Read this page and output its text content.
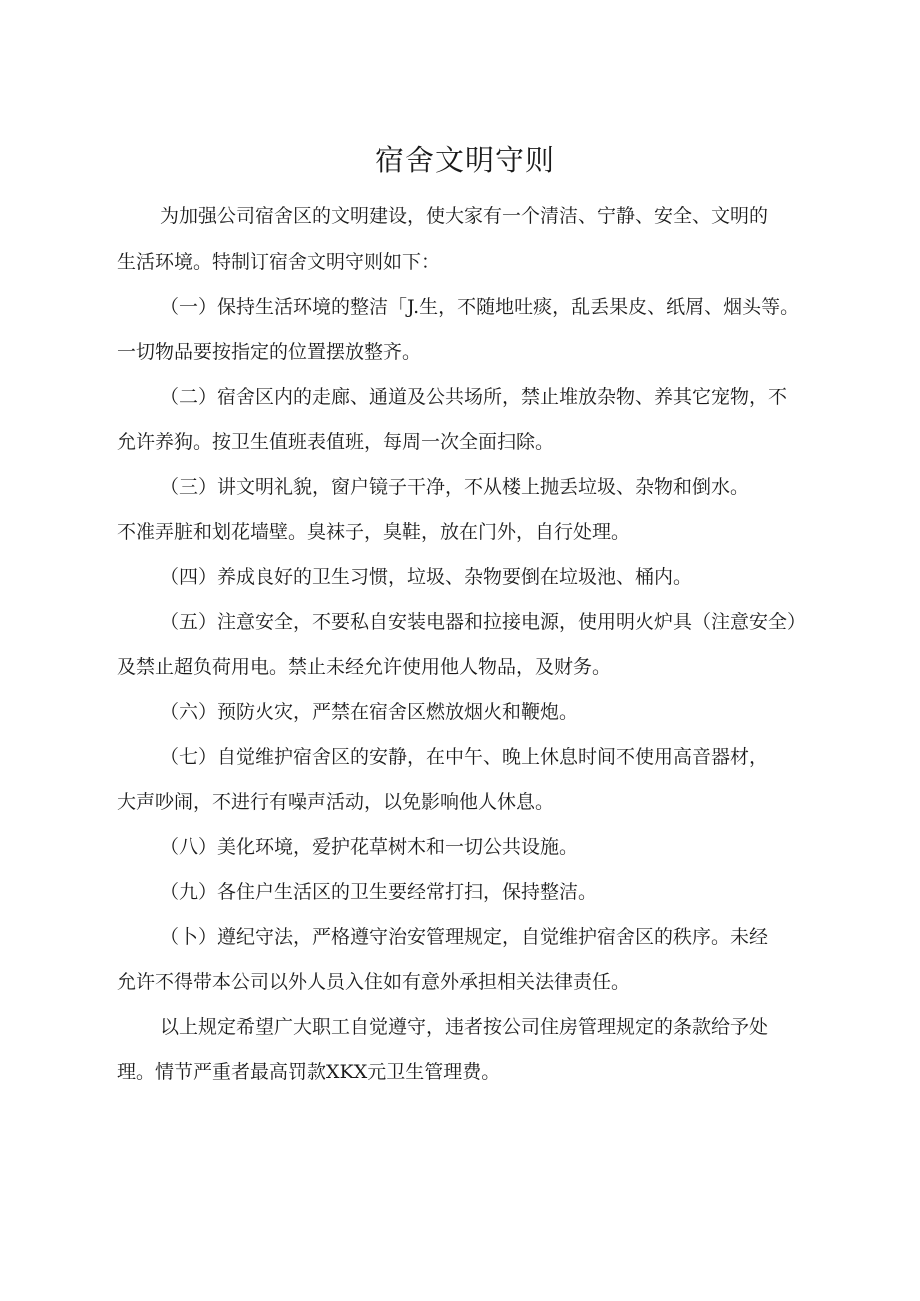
宿舍文明守则

为加强公司宿舍区的文明建设，使大家有一个清洁、宁静、安全、文明的

生活环境。特制订宿舍文明守则如下：

（一）保持生活环境的整洁「J.生，不随地吐痰，乱丢果皮、纸屑、烟头等。

一切物品要按指定的位置摆放整齐。

（二）宿舍区内的走廊、通道及公共场所，禁止堆放杂物、养其它宠物，不

允许养狗。按卫生值班表值班，每周一次全面扫除。

（三）讲文明礼貌，窗户镜子干净，不从楼上抛丢垃圾、杂物和倒水。

不准弄脏和划花墙壁。臭袜子，臭鞋，放在门外，自行处理。

（四）养成良好的卫生习惯，垃圾、杂物要倒在垃圾池、桶内。

（五）注意安全，不要私自安装电器和拉接电源，使用明火炉具（注意安全）

及禁止超负荷用电。禁止未经允许使用他人物品，及财务。

（六）预防火灾，严禁在宿舍区燃放烟火和鞭炮。

（七）自觉维护宿舍区的安静，在中午、晚上休息时间不使用高音器材，

大声吵闹，不进行有噪声活动，以免影响他人休息。

（八）美化环境，爱护花草树木和一切公共设施。

（九）各住户生活区的卫生要经常打扫，保持整洁。

（卜）遵纪守法，严格遵守治安管理规定，自觉维护宿舍区的秩序。未经

允许不得带本公司以外人员入住如有意外承担相关法律责任。

以上规定希望广大职工自觉遵守，违者按公司住房管理规定的条款给予处

理。情节严重者最高罚款XKX元卫生管理费。
